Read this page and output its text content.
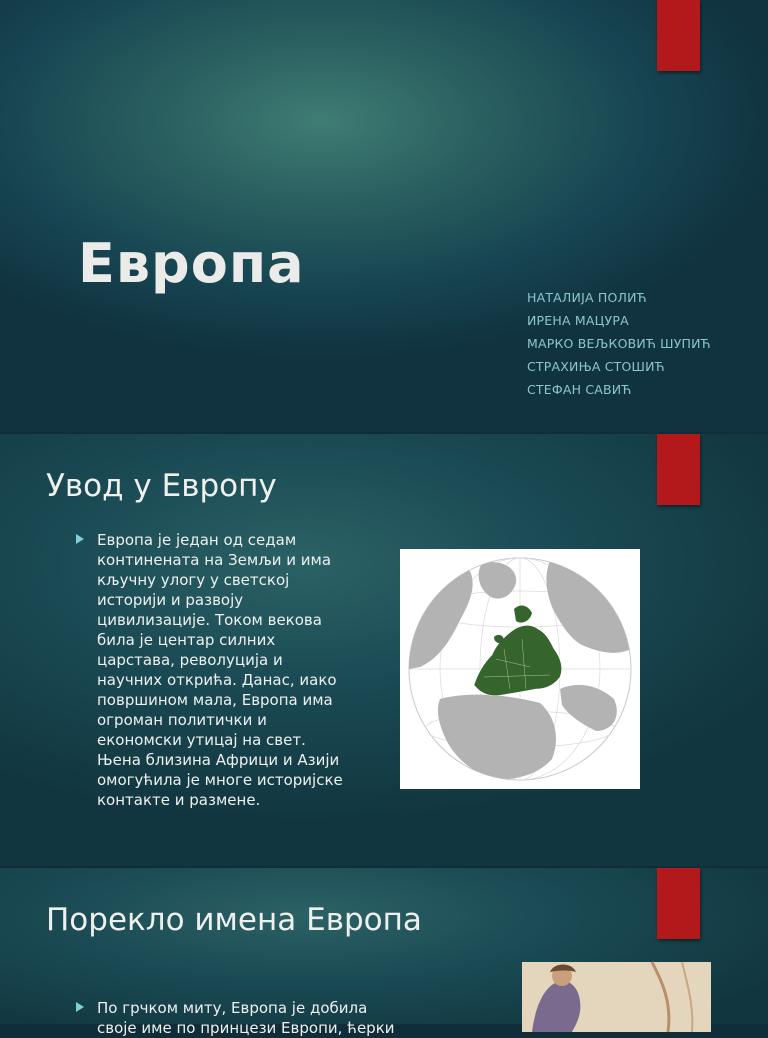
Европа
НАТАЛИЈА ПОЛИЋ
ИРЕНА МАЦУРА
МАРКО ВЕЉКОВИЋ ШУПИЋ
СТРАХИЊА СТОШИЋ
СТЕФАН САВИЋ
Увод у Европу
Европа је један од седам континената на Земљи и има кључну улогу у светској историји и развоју цивилизације. Током векова била је центар силних царстава, револуција и научних открића. Данас, иако површином мала, Европа има огроман политички и економски утицај на свет. Њена близина Африци и Азији омогућила је многе историјске контакте и размене.
Порекло имена Европа
По грчком миту, Европа је добила своје име по принцези Европи, ћерки
